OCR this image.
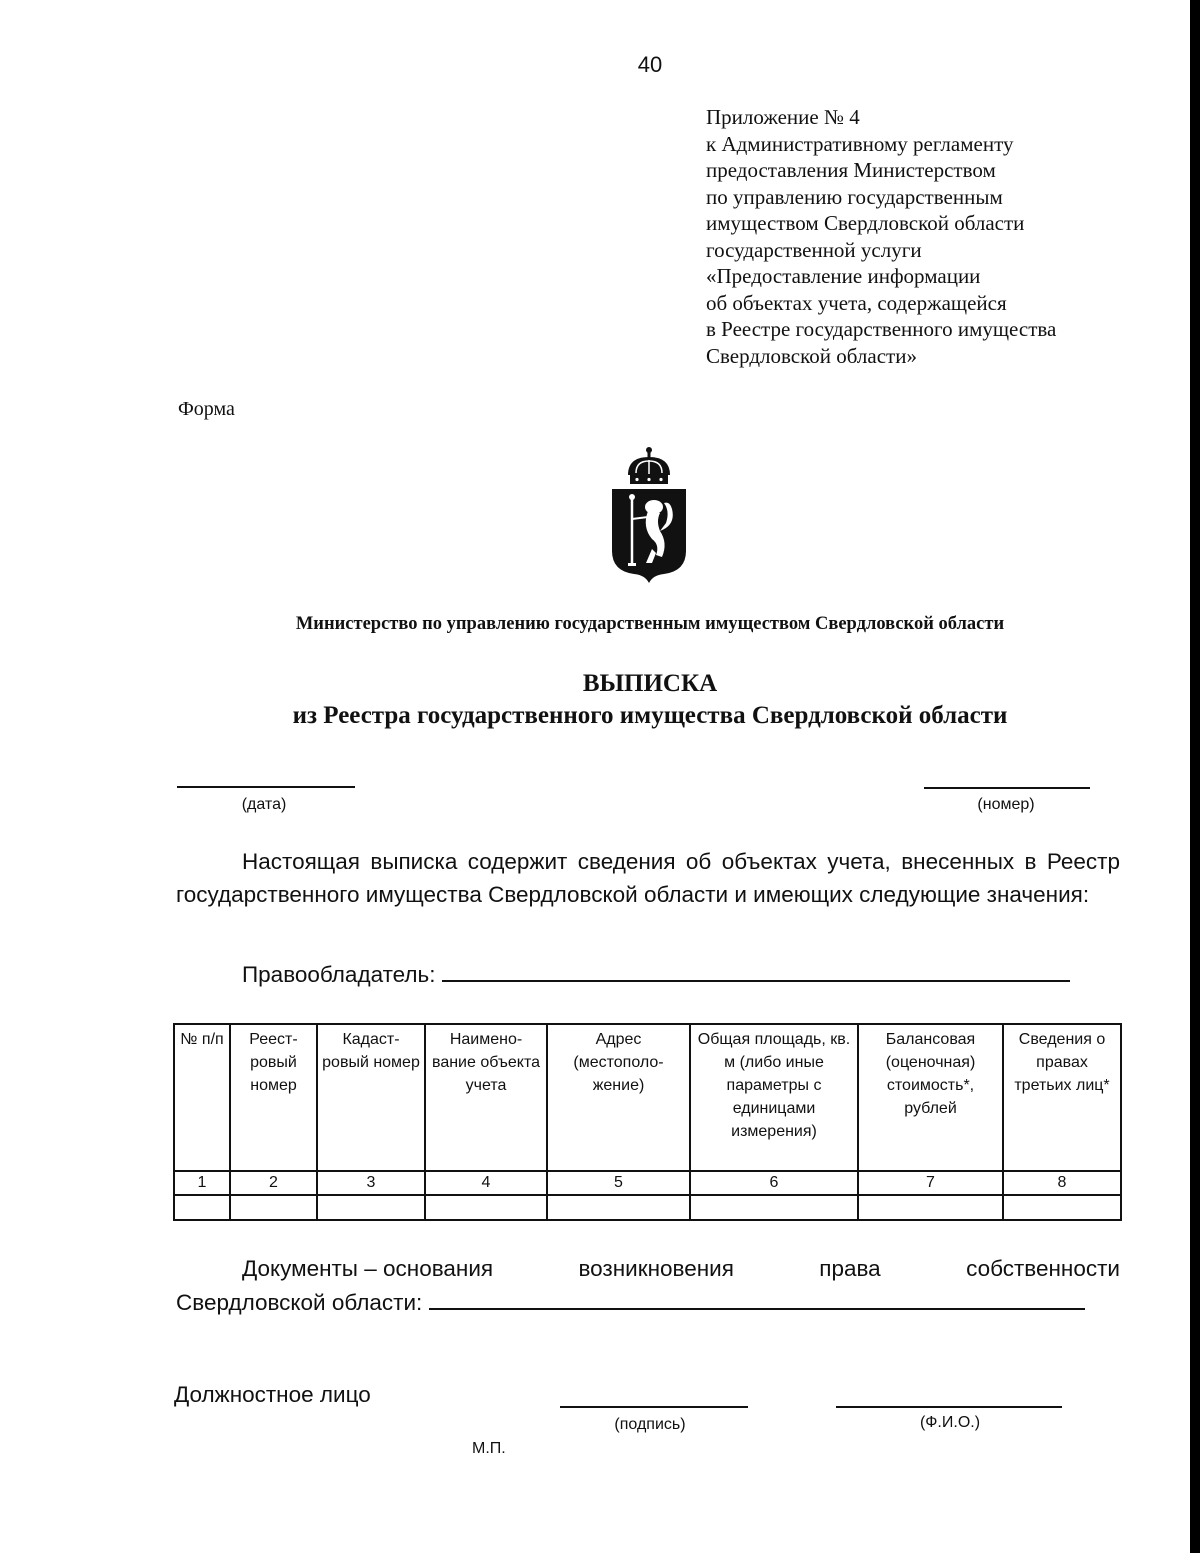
40
Приложение № 4
к Административному регламенту
предоставления Министерством
по управлению государственным
имуществом Свердловской области
государственной услуги
«Предоставление информации
об объектах учета, содержащейся
в Реестре государственного имущества
Свердловской области»
Форма
Министерство по управлению государственным имуществом Свердловской области
ВЫПИСКА
из Реестра государственного имущества Свердловской области
(дата)	(номер)
Настоящая выписка содержит сведения об объектах учета, внесенных в Реестр государственного имущества Свердловской области и имеющих следующие значения:
Правообладатель:
№ п/п	Реест-ровый номер	Кадаст-ровый номер	Наимено-вание объекта учета	Адрес (местополо-жение)	Общая площадь, кв. м (либо иные параметры с единицами измерения)	Балансовая (оценочная) стоимость*, рублей	Сведения о правах третьих лиц*
1	2	3	4	5	6	7	8

Документы – основания	возникновения	права	собственности
Свердловской области:
Должностное лицо
(подпись)	(Ф.И.О.)
М.П.
